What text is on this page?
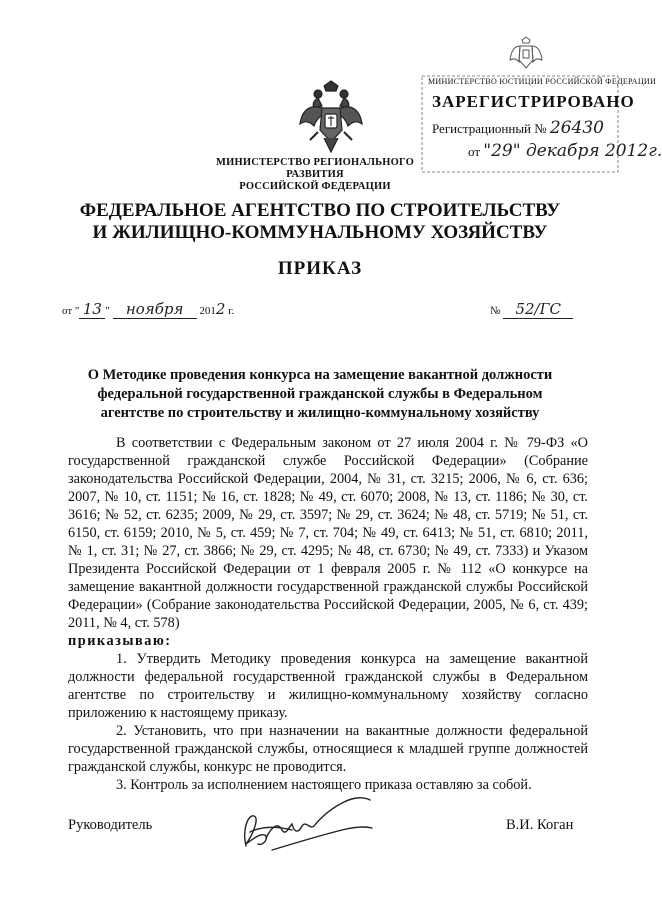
МИНИСТЕРСТВО ЮСТИЦИИ РОССИЙСКОЙ ФЕДЕРАЦИИ
ЗАРЕГИСТРИРОВАНО
Регистрационный № 26430
от "29" декабря 2012г.
МИНИСТЕРСТВО РЕГИОНАЛЬНОГО РАЗВИТИЯ
РОССИЙСКОЙ ФЕДЕРАЦИИ
ФЕДЕРАЛЬНОЕ АГЕНТСТВО ПО СТРОИТЕЛЬСТВУ
И ЖИЛИЩНО-КОММУНАЛЬНОМУ ХОЗЯЙСТВУ
ПРИКАЗ
от " 13 " ноября 2012 г.	№ 52/ГС
О Методике проведения конкурса на замещение вакантной должности федеральной государственной гражданской службы в Федеральном агентстве по строительству и жилищно-коммунальному хозяйству

В соответствии с Федеральным законом от 27 июля 2004 г. № 79-ФЗ «О государственной гражданской службе Российской Федерации» (Собрание законодательства Российской Федерации, 2004, № 31, ст. 3215; 2006, № 6, ст. 636; 2007, № 10, ст. 1151; № 16, ст. 1828; № 49, ст. 6070; 2008, № 13, ст. 1186; № 30, ст. 3616; № 52, ст. 6235; 2009, № 29, ст. 3597; № 29, ст. 3624; № 48, ст. 5719; № 51, ст. 6150, ст. 6159; 2010, № 5, ст. 459; № 7, ст. 704; № 49, ст. 6413; № 51, ст. 6810; 2011, № 1, ст. 31; № 27, ст. 3866; № 29, ст. 4295; № 48, ст. 6730; № 49, ст. 7333) и Указом Президента Российской Федерации от 1 февраля 2005 г. № 112 «О конкурсе на замещение вакантной должности государственной гражданской службы Российской Федерации» (Собрание законодательства Российской Федерации, 2005, № 6, ст. 439; 2011, № 4, ст. 578)

приказываю:

1. Утвердить Методику проведения конкурса на замещение вакантной должности федеральной государственной гражданской службы в Федеральном агентстве по строительству и жилищно-коммунальному хозяйству согласно приложению к настоящему приказу.

2. Установить, что при назначении на вакантные должности федеральной государственной гражданской службы, относящиеся к младшей группе должностей гражданской службы, конкурс не проводится.

3. Контроль за исполнением настоящего приказа оставляю за собой.

Руководитель	В.И. Коган
